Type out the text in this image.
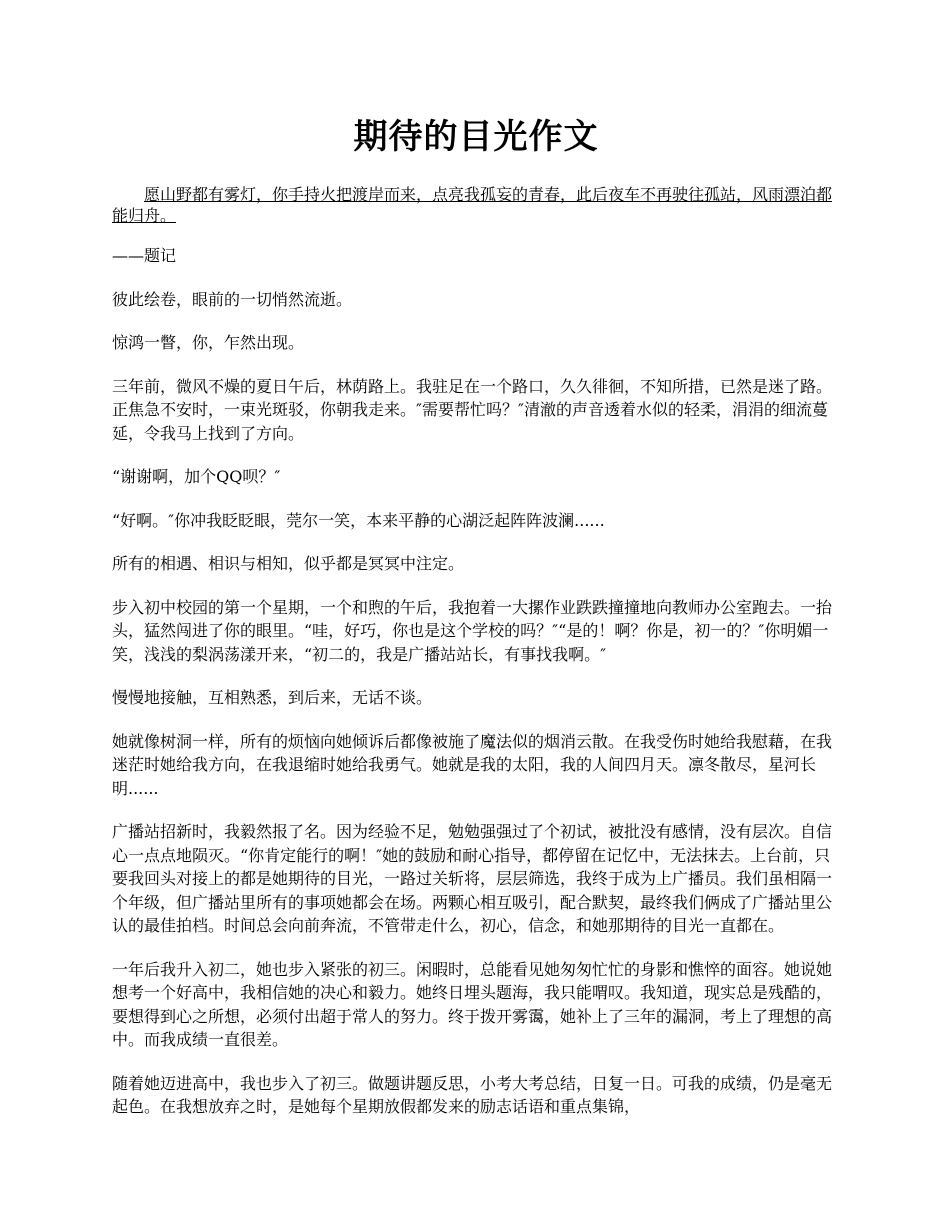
期待的目光作文

愿山野都有雾灯，你手持火把渡岸而来，点亮我孤妄的青春，此后夜车不再驶往孤站，风雨漂泊都能归舟。

——题记

彼此绘卷，眼前的一切悄然流逝。

惊鸿一瞥，你，乍然出现。

三年前，微风不燥的夏日午后，林荫路上。我驻足在一个路口，久久徘徊，不知所措，已然是迷了路。正焦急不安时，一束光斑驳，你朝我走来。″需要帮忙吗？″清澈的声音透着水似的轻柔，涓涓的细流蔓延，令我马上找到了方向。

“谢谢啊，加个QQ呗？″

“好啊。″你冲我眨眨眼，莞尔一笑，本来平静的心湖泛起阵阵波澜......

所有的相遇、相识与相知，似乎都是冥冥中注定。

步入初中校园的第一个星期，一个和煦的午后，我抱着一大摞作业跌跌撞撞地向教师办公室跑去。一抬头，猛然闯进了你的眼里。“哇，好巧，你也是这个学校的吗？″“是的！啊？你是，初一的？″你明媚一笑，浅浅的梨涡荡漾开来，“初二的，我是广播站站长，有事找我啊。″

慢慢地接触，互相熟悉，到后来，无话不谈。

她就像树洞一样，所有的烦恼向她倾诉后都像被施了魔法似的烟消云散。在我受伤时她给我慰藉，在我迷茫时她给我方向，在我退缩时她给我勇气。她就是我的太阳，我的人间四月天。凛冬散尽，星河长明......

广播站招新时，我毅然报了名。因为经验不足，勉勉强强过了个初试，被批没有感情，没有层次。自信心一点点地陨灭。“你肯定能行的啊！″她的鼓励和耐心指导，都停留在记忆中，无法抹去。上台前，只要我回头对接上的都是她期待的目光，一路过关斩将，层层筛选，我终于成为上广播员。我们虽相隔一个年级，但广播站里所有的事项她都会在场。两颗心相互吸引，配合默契，最终我们俩成了广播站里公认的最佳拍档。时间总会向前奔流，不管带走什么，初心，信念，和她那期待的目光一直都在。

一年后我升入初二，她也步入紧张的初三。闲暇时，总能看见她匆匆忙忙的身影和憔悴的面容。她说她想考一个好高中，我相信她的决心和毅力。她终日埋头题海，我只能喟叹。我知道，现实总是残酷的，要想得到心之所想，必须付出超于常人的努力。终于拨开雾霭，她补上了三年的漏洞，考上了理想的高中。而我成绩一直很差。

随着她迈进高中，我也步入了初三。做题讲题反思，小考大考总结，日复一日。可我的成绩，仍是毫无起色。在我想放弃之时，是她每个星期放假都发来的励志话语和重点集锦，
